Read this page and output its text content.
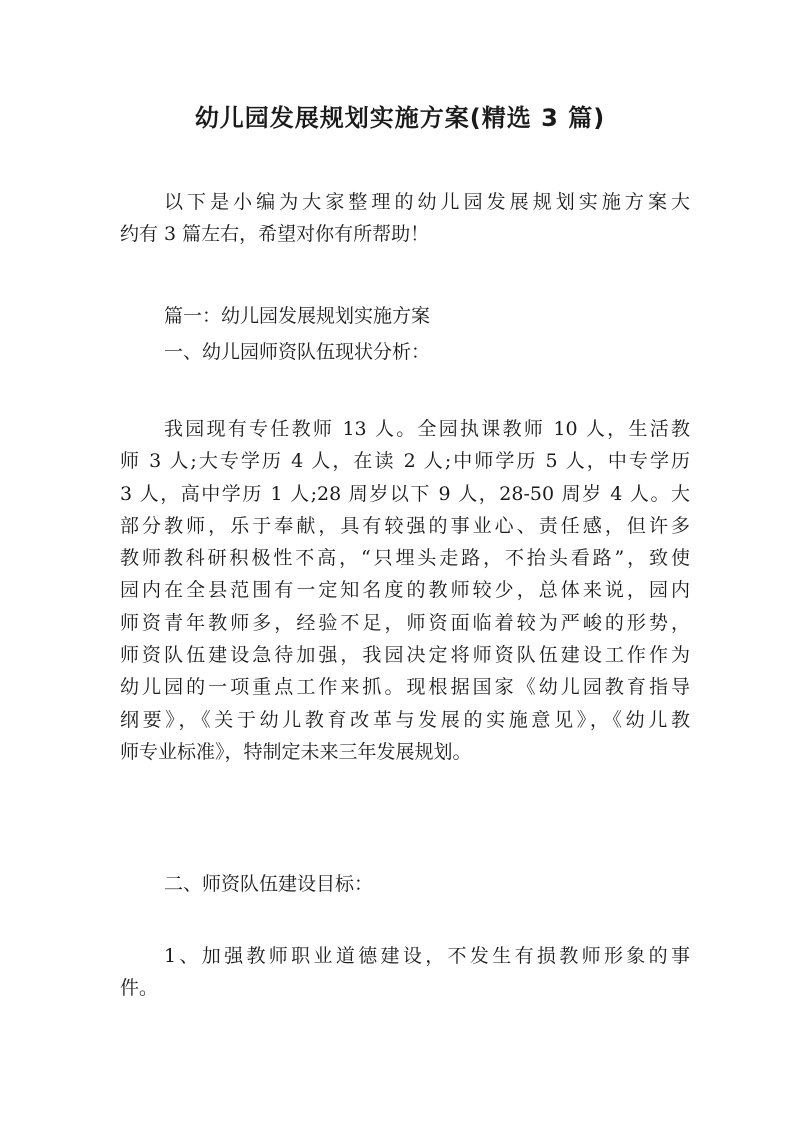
幼儿园发展规划实施方案(精选 3 篇)
以下是小编为大家整理的幼儿园发展规划实施方案大
约有 3 篇左右，希望对你有所帮助！
篇一：幼儿园发展规划实施方案
一、幼儿园师资队伍现状分析：
我园现有专任教师 13 人。全园执课教师 10 人，生活教
师 3 人;大专学历 4 人，在读 2 人;中师学历 5 人，中专学历
3 人，高中学历 1 人;28 周岁以下 9 人，28-50 周岁 4 人。大
部分教师，乐于奉献，具有较强的事业心、责任感，但许多
教师教科研积极性不高，“只埋头走路，不抬头看路”，致使
园内在全县范围有一定知名度的教师较少，总体来说，园内
师资青年教师多，经验不足，师资面临着较为严峻的形势，
师资队伍建设急待加强，我园决定将师资队伍建设工作作为
幼儿园的一项重点工作来抓。现根据国家《幼儿园教育指导
纲要》，《关于幼儿教育改革与发展的实施意见》，《幼儿教
师专业标准》，特制定未来三年发展规划。
二、师资队伍建设目标：
1、加强教师职业道德建设，不发生有损教师形象的事
件。
